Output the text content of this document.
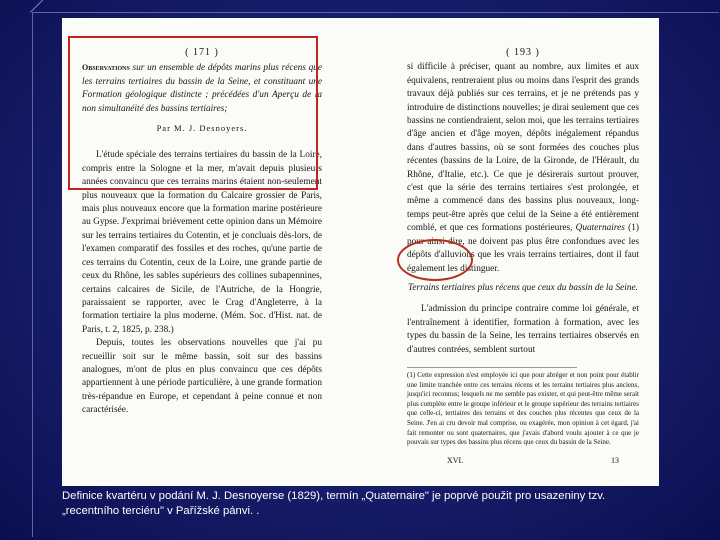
( 171 )
Observations sur un ensemble de dépôts marins plus récens que les terrains tertiaires du bassin de la Seine, et constituant une Formation géologique distincte ; précédées d'un Aperçu de la non simultanéité des bassins tertiaires;
Par M. J. Desnoyers.

L'étude spéciale des terrains tertiaires du bassin de la Loire, compris entre la Sologne et la mer, m'avait depuis plusieurs années convaincu que ces terrains marins étaient non-seulement plus nouveaux que la formation du Calcaire grossier de Paris, mais plus nouveaux encore que la formation marine postérieure au Gypse. J'exprimai brièvement cette opinion dans un Mémoire sur les terrains tertiaires du Cotentin, et je concluais dès-lors, de l'examen comparatif des fossiles et des roches, qu'une partie de ces terrains du Cotentin, ceux de la Loire, une grande partie de ceux du Rhône, les sables supérieurs des collines subapennines, certains calcaires de Sicile, de l'Autriche, de la Hongrie, paraissaient se rapporter, avec le Crag d'Angleterre, à la formation tertiaire la plus moderne. (Mém. Soc. d'Hist. nat. de Paris, t. 2, 1825, p. 238.)

Depuis, toutes les observations nouvelles que j'ai pu recueillir soit sur le même bassin, soit sur des bassins analogues, m'ont de plus en plus convaincu que ces dépôts appartiennent à une période particulière, à une grande formation très-répandue en Europe, et cependant à peine connue et non caractérisée.

( 193 )

si difficile à préciser, quant au nombre, aux limites et aux équivalens, rentreraient plus ou moins dans l'esprit des grands travaux déjà publiés sur ces terrains, et je ne prétends pas y introduire de distinctions nouvelles; je dirai seulement que ces bassins ne contiendraient, selon moi, que les terrains tertiaires d'âge ancien et d'âge moyen, dépôts inégalement répandus dans d'autres bassins, où se sont formées des couches plus récentes (bassins de la Loire, de la Gironde, de l'Hérault, du Rhône, d'Italie, etc.). Ce que je désirerais surtout prouver, c'est que la série des terrains tertiaires s'est prolongée, et même a commencé dans des bassins plus nouveaux, long-temps peut-être après que celui de la Seine a été entièrement comblé, et que ces formations postérieures, Quaternaires (1) pour ainsi dire, ne doivent pas plus être confondues avec les dépôts d'alluvions que les vrais terrains tertiaires, dont il faut également les distinguer.

Terrains tertiaires plus récens que ceux du bassin de la Seine.

L'admission du principe contraire comme loi générale, et l'entraînement à identifier, formation à formation, avec les types du bassin de la Seine, les terrains tertiaires observés en d'autres contrées, semblent surtout

(1) Cette expression n'est employée ici que pour abréger et non point pour établir une limite tranchée entre ces terrains récens et les terrains tertiaires plus anciens, jusqu'ici reconnus; lesquels ne me semble pas exister, et qui peut-être même serait plus complète entre le groupe inférieur et le groupe supérieur des terrains tertiaires que celle-ci, tertiaires des terrains et des couches plus récentes que ceux de la Seine. J'en ai cru devoir mal comprise, ou exagérée, mon opinion à cet égard, j'ai fait remonter ou sont quaternaires, que j'avais d'abord voulu ajouter à ce que je pouvais sur types des bassins plus récens que ceux du bassin de la Seine.
XVI.	13
Definice kvartéru v podání M. J. Desnoyerse (1829), termín „Quaternaire" je poprvé použit pro usazeniny tzv.
„recentního terciéru" v Pařížské pánvi. .
